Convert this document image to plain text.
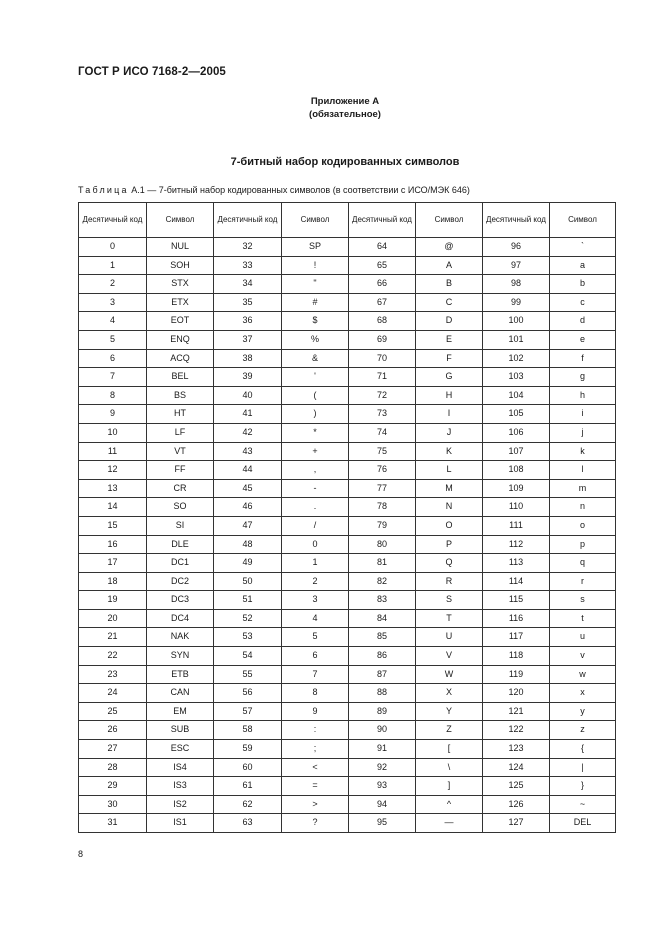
ГОСТ Р ИСО 7168-2—2005
Приложение А
(обязательное)
7-битный набор кодированных символов
Таблица А.1 — 7-битный набор кодированных символов (в соответствии с ИСО/МЭК 646)
Десятичный код	Символ	Десятичный код	Символ	Десятичный код	Символ	Десятичный код	Символ
0	NUL	32	SP	64	@	96	`
1	SOH	33	!	65	A	97	a
2	STX	34	"	66	B	98	b
3	ETX	35	#	67	C	99	c
4	EOT	36	$	68	D	100	d
5	ENQ	37	%	69	E	101	e
6	ACQ	38	&	70	F	102	f
7	BEL	39	'	71	G	103	g
8	BS	40	(	72	H	104	h
9	HT	41	)	73	I	105	i
10	LF	42	*	74	J	106	j
11	VT	43	+	75	K	107	k
12	FF	44	,	76	L	108	l
13	CR	45	-	77	M	109	m
14	SO	46	.	78	N	110	n
15	SI	47	/	79	O	111	o
16	DLE	48	0	80	P	112	p
17	DC1	49	1	81	Q	113	q
18	DC2	50	2	82	R	114	r
19	DC3	51	3	83	S	115	s
20	DC4	52	4	84	T	116	t
21	NAK	53	5	85	U	117	u
22	SYN	54	6	86	V	118	v
23	ETB	55	7	87	W	119	w
24	CAN	56	8	88	X	120	x
25	EM	57	9	89	Y	121	y
26	SUB	58	:	90	Z	122	z
27	ESC	59	;	91	[	123	{
28	IS4	60	<	92	\	124	|
29	IS3	61	=	93	]	125	}
30	IS2	62	>	94	^	126	~
31	IS1	63	?	95	—	127	DEL
8
